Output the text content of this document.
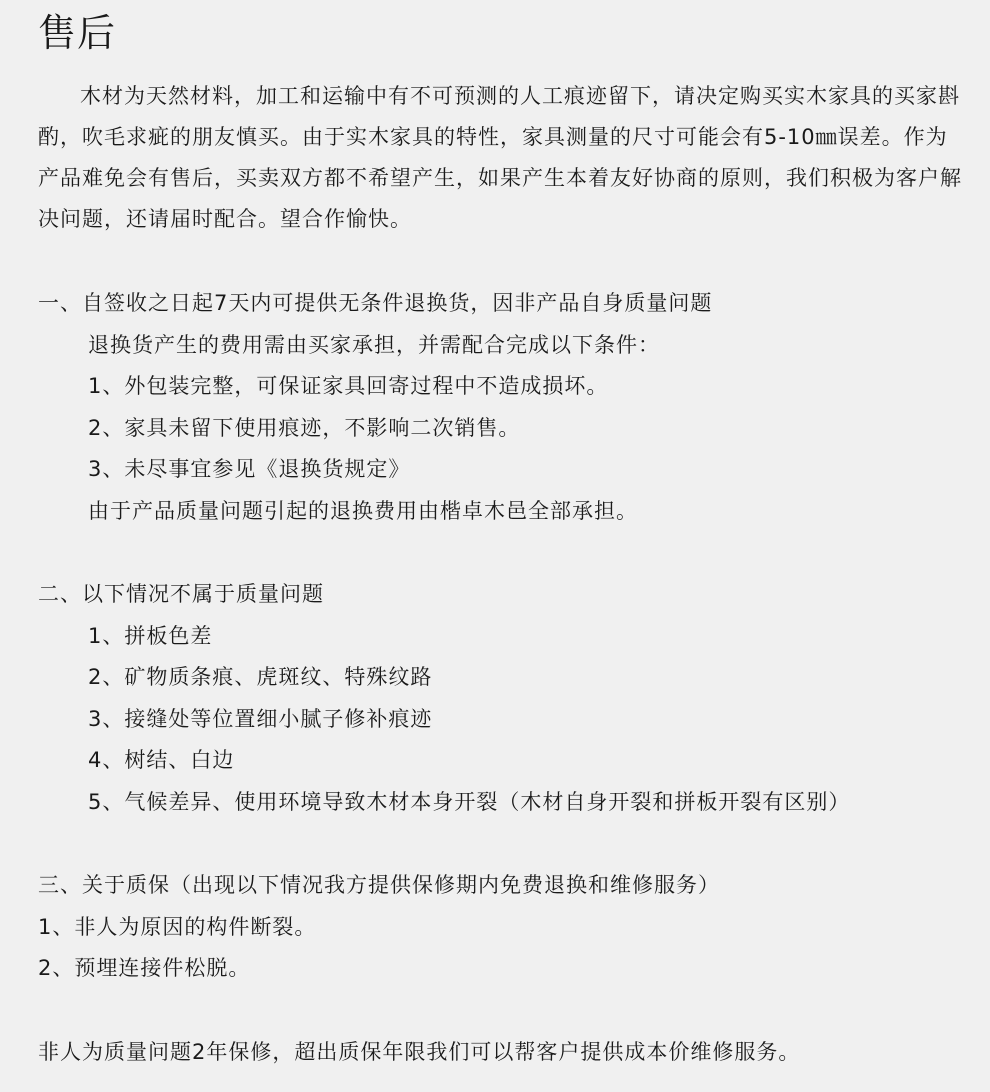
售后

木材为天然材料，加工和运输中有不可预测的人工痕迹留下，请决定购买实木家具的买家斟酌，吹毛求疵的朋友慎买。由于实木家具的特性，家具测量的尺寸可能会有5-10㎜误差。作为产品难免会有售后，买卖双方都不希望产生，如果产生本着友好协商的原则，我们积极为客户解决问题，还请届时配合。望合作愉快。

一、自签收之日起7天内可提供无条件退换货，因非产品自身质量问题
退换货产生的费用需由买家承担，并需配合完成以下条件：
1、外包装完整，可保证家具回寄过程中不造成损坏。
2、家具未留下使用痕迹，不影响二次销售。
3、未尽事宜参见《退换货规定》
由于产品质量问题引起的退换费用由楷卓木邑全部承担。
二、以下情况不属于质量问题
1、拼板色差
2、矿物质条痕、虎斑纹、特殊纹路
3、接缝处等位置细小腻子修补痕迹
4、树结、白边
5、气候差异、使用环境导致木材本身开裂（木材自身开裂和拼板开裂有区别）
三、关于质保（出现以下情况我方提供保修期内免费退换和维修服务）
1、非人为原因的构件断裂。
2、预埋连接件松脱。
非人为质量问题2年保修，超出质保年限我们可以帮客户提供成本价维修服务。
